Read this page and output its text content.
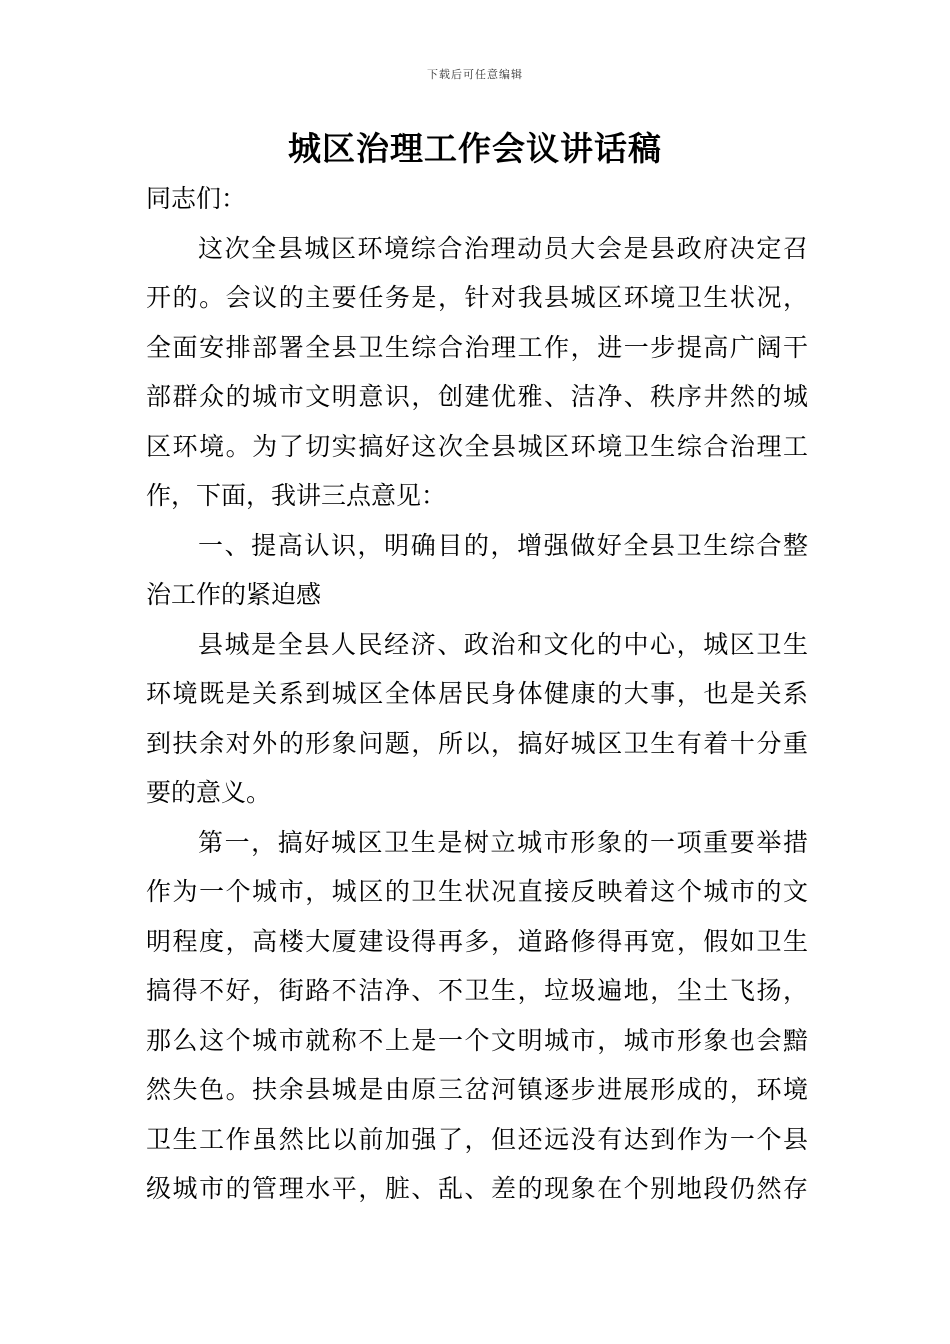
下载后可任意编辑
城区治理工作会议讲话稿
同志们：
这次全县城区环境综合治理动员大会是县政府决定召
开的。会议的主要任务是，针对我县城区环境卫生状况，
全面安排部署全县卫生综合治理工作，进一步提高广阔干
部群众的城市文明意识，创建优雅、洁净、秩序井然的城
区环境。为了切实搞好这次全县城区环境卫生综合治理工
作，下面，我讲三点意见：
一、提高认识，明确目的，增强做好全县卫生综合整
治工作的紧迫感
县城是全县人民经济、政治和文化的中心，城区卫生
环境既是关系到城区全体居民身体健康的大事，也是关系
到扶余对外的形象问题，所以，搞好城区卫生有着十分重
要的意义。
第一，搞好城区卫生是树立城市形象的一项重要举措
作为一个城市，城区的卫生状况直接反映着这个城市的文
明程度，高楼大厦建设得再多，道路修得再宽，假如卫生
搞得不好，街路不洁净、不卫生，垃圾遍地，尘土飞扬，
那么这个城市就称不上是一个文明城市，城市形象也会黯
然失色。扶余县城是由原三岔河镇逐步进展形成的，环境
卫生工作虽然比以前加强了，但还远没有达到作为一个县
级城市的管理水平，脏、乱、差的现象在个别地段仍然存
